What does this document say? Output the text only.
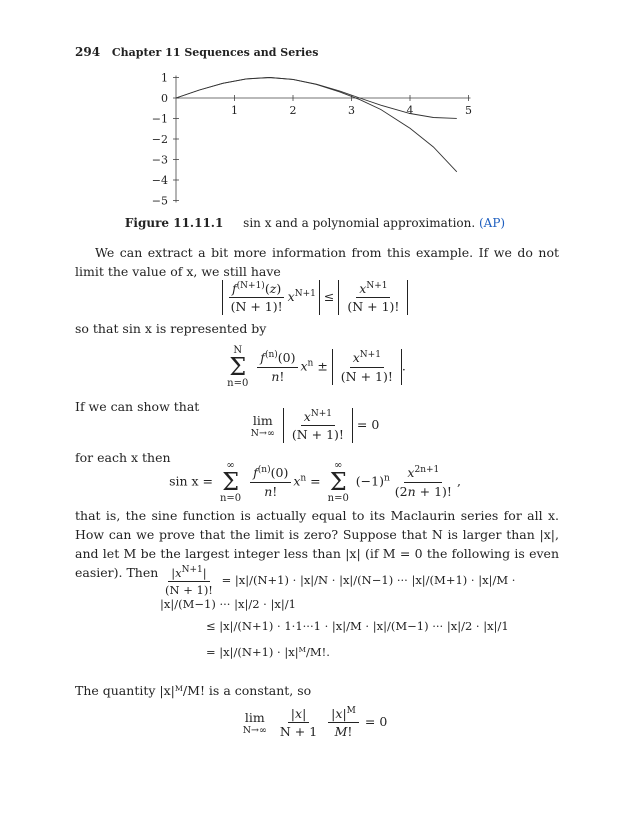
294 Chapter 11 Sequences and Series
1	2	3	4	5
1
0
−1
−2
−3
−4
−5
Figure 11.11.1 sin x and a polynomial approximation. (AP)
We can extract a bit more information from this example. If we do not limit the value of x, we still have
$\frac{f^{(N+1)}(z)}{(N + 1)!} x^{N+1} \le \frac{x^{N+1}}{(N + 1)!}$
so that sin x is represented by
N
Σ
n=0
$\frac{f^{(n)}(0)}{n!} x^n \pm \frac{x^{N+1}}{(N + 1)!}$ .
If we can show that
lim
N→∞
$\frac{x^{N+1}}{(N + 1)!} = 0$
for each x then
sin x =
∞
Σ
n=0
$\frac{f^{(n)}(0)}{n!} x^n$ =
∞
Σ
n=0
$(-1)^n \frac{x^{2n+1}}{(2n + 1)!}$ ,
that is, the sine function is actually equal to its Maclaurin series for all x. How can we prove that the limit is zero? Suppose that N is larger than |x|, and let M be the largest integer less than |x| (if M = 0 the following is even easier). Then $\frac{|x^{N+1}|}{(N + 1)!} = |x|/(N+1) \cdot |x|/N \cdot |x|/(N-1)$ ··· |x|/(M+1) · |x|/M · |x|/(M−1) ··· |x|/2 · |x|/1
≤ |x|/(N+1) · 1·1···1 · |x|/M · |x|/(M−1) ··· |x|/2 · |x|/1
= |x|/(N+1) · |x|ᴹ/M!.
The quantity |x|ᴹ/M! is a constant, so
lim
N→∞
$\frac{|x|}{N + 1}$
$\frac{|x|^M}{M!} = 0$
